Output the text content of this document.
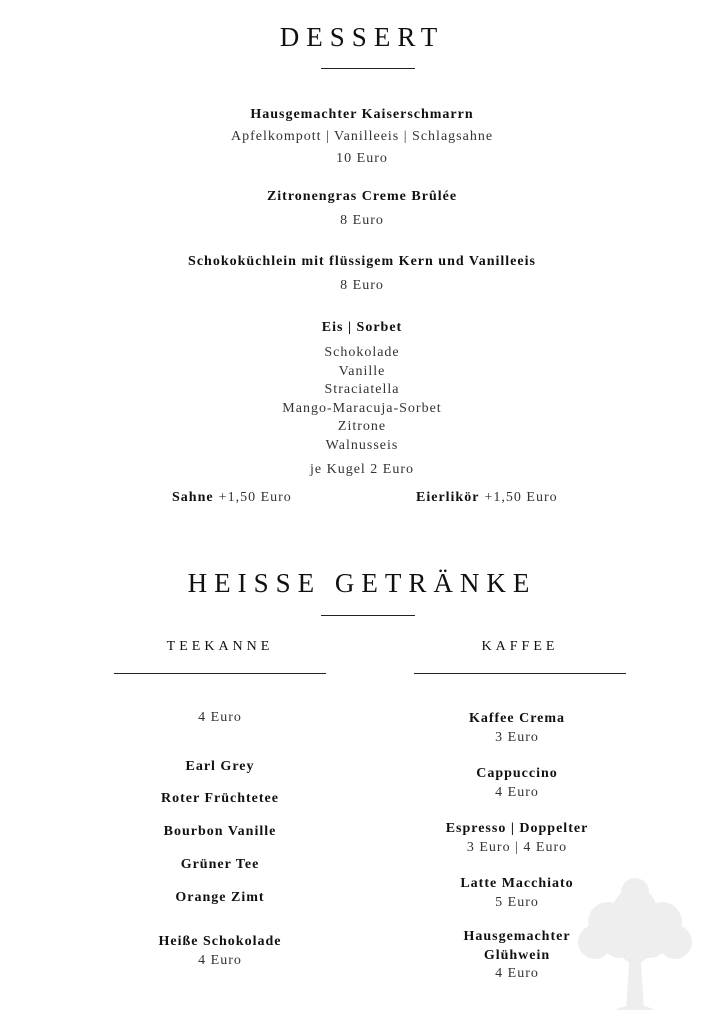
DESSERT
Hausgemachter Kaiserschmarrn
Apfelkompott | Vanilleeis | Schlagsahne
10 Euro
Zitronengras Creme Brûlée
8 Euro
Schokoküchlein mit flüssigem Kern und Vanilleeis
8 Euro
Eis | Sorbet
Schokolade
Vanille
Straciatella
Mango-Maracuja-Sorbet
Zitrone
Walnusseis
je Kugel 2 Euro
Sahne +1,50 Euro	Eierlikör +1,50 Euro
HEISSE GETRÄNKE
TEEKANNE
4 Euro
Earl Grey
Roter Früchtetee
Bourbon Vanille
Grüner Tee
Orange Zimt
Heiße Schokolade
4 Euro
KAFFEE
Kaffee Crema
3 Euro
Cappuccino
4 Euro
Espresso | Doppelter
3 Euro | 4 Euro
Latte Macchiato
5 Euro
Hausgemachter
Glühwein
4 Euro
